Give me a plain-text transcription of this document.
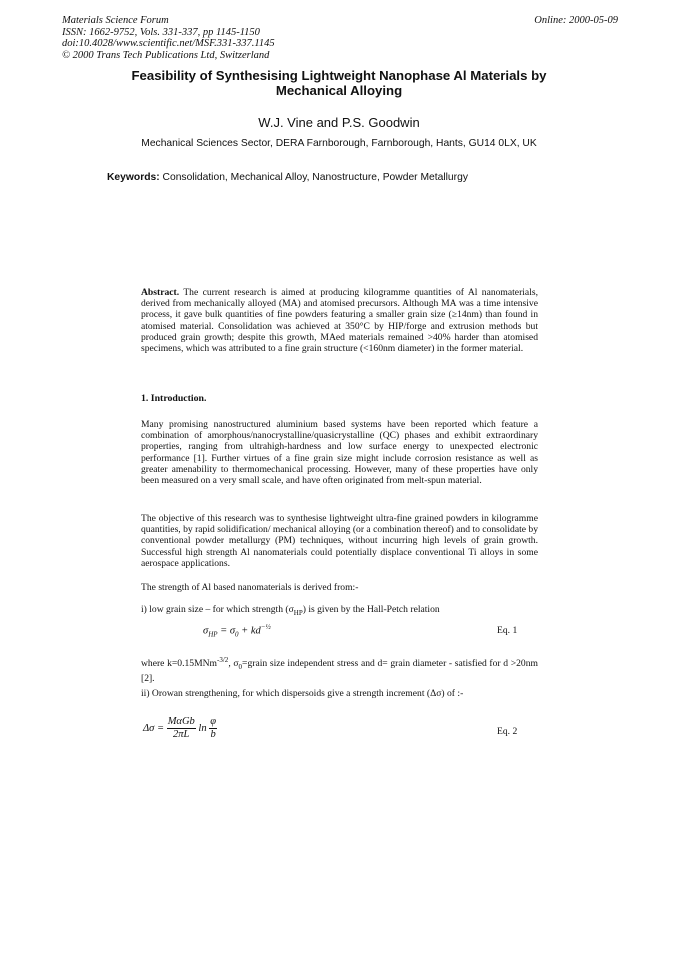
Materials Science Forum
ISSN: 1662-9752, Vols. 331-337, pp 1145-1150
doi:10.4028/www.scientific.net/MSF.331-337.1145
© 2000 Trans Tech Publications Ltd, Switzerland
Online: 2000-05-09
Feasibility of Synthesising Lightweight Nanophase Al Materials by Mechanical Alloying
W.J. Vine and P.S. Goodwin
Mechanical Sciences Sector, DERA Farnborough, Farnborough, Hants, GU14 0LX, UK
Keywords: Consolidation, Mechanical Alloy, Nanostructure, Powder Metallurgy

Abstract. The current research is aimed at producing kilogramme quantities of Al nanomaterials, derived from mechanically alloyed (MA) and atomised precursors. Although MA was a time intensive process, it gave bulk quantities of fine powders featuring a smaller grain size (≥14nm) than found in atomised material. Consolidation was achieved at 350°C by HIP/forge and extrusion methods but produced grain growth; despite this growth, MAed materials remained >40% harder than atomised specimens, which was attributed to a fine grain structure (<160nm diameter) in the former material.

1. Introduction.
Many promising nanostructured aluminium based systems have been reported which feature a combination of amorphous/nanocrystalline/quasicrystalline (QC) phases and exhibit extraordinary properties, ranging from ultrahigh-hardness and low surface energy to unexpected electronic performance [1]. Further virtues of a fine grain size might include corrosion resistance as well as greater amenability to thermomechanical processing. However, many of these properties have only been measured on a very small scale, and have often originated from melt-spun material.
The objective of this research was to synthesise lightweight ultra-fine grained powders in kilogramme quantities, by rapid solidification/ mechanical alloying (or a combination thereof) and to consolidate by conventional powder metallurgy (PM) techniques, without incurring high levels of grain growth. Successful high strength Al nanomaterials could potentially displace conventional Ti alloys in some aerospace applications.
The strength of Al based nanomaterials is derived from:-
i) low grain size – for which strength $(\sigma_{HP})$ is given by the Hall-Petch relation
$\sigma_{HP} = \sigma_0 + kd^{-\frac{1}{2}}$	Eq. 1
where k=0.15MNm$^{-3/2}$, $\sigma_0=grain$ size independent stress and d= grain diameter - satisfied for d >20nm [2].
ii) Orowan strengthening, for which dispersoids give a strength increment (Δσ) of :-
$\Delta\sigma = \frac{\text{MαGb}}{2\pi L}$ $\ln \frac{\varphi}{b}$	Eq. 2
